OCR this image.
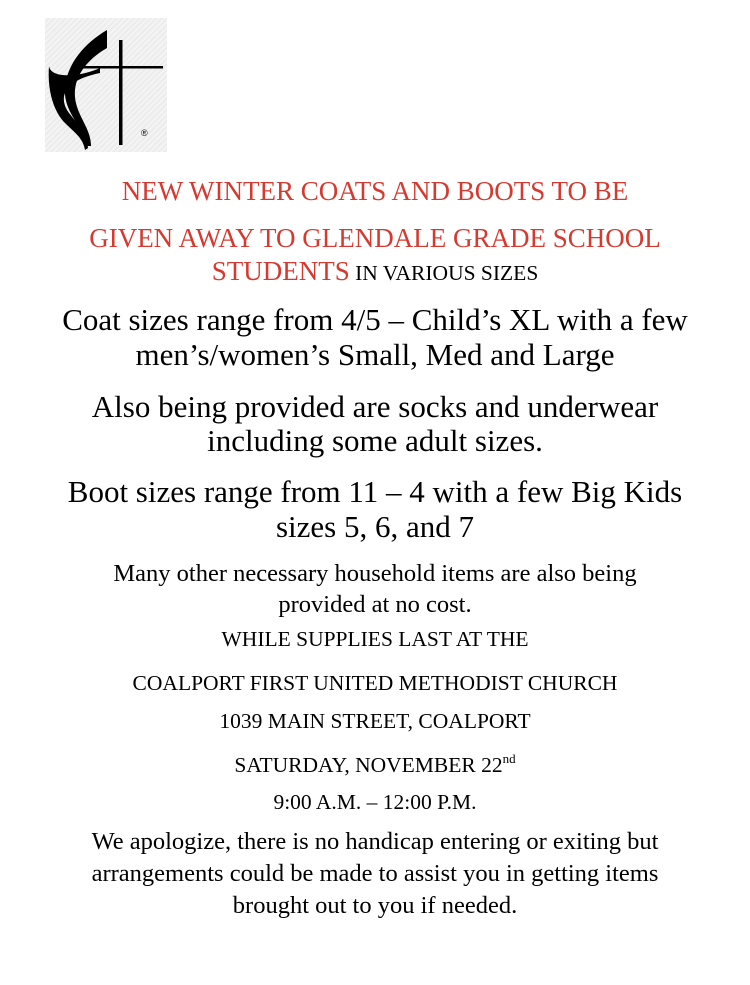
®
NEW WINTER COATS AND BOOTS TO BE
GIVEN AWAY TO GLENDALE GRADE SCHOOL
STUDENTS IN VARIOUS SIZES
Coat sizes range from 4/5 – Child’s XL with a few
men’s/women’s Small, Med and Large
Also being provided are socks and underwear
including some adult sizes.
Boot sizes range from 11 – 4 with a few Big Kids
sizes 5, 6, and 7
Many other necessary household items are also being
provided at no cost.
WHILE SUPPLIES LAST AT THE
COALPORT FIRST UNITED METHODIST CHURCH
1039 MAIN STREET, COALPORT
SATURDAY, NOVEMBER 22nd
9:00 A.M. – 12:00 P.M.
We apologize, there is no handicap entering or exiting but
arrangements could be made to assist you in getting items
brought out to you if needed.
